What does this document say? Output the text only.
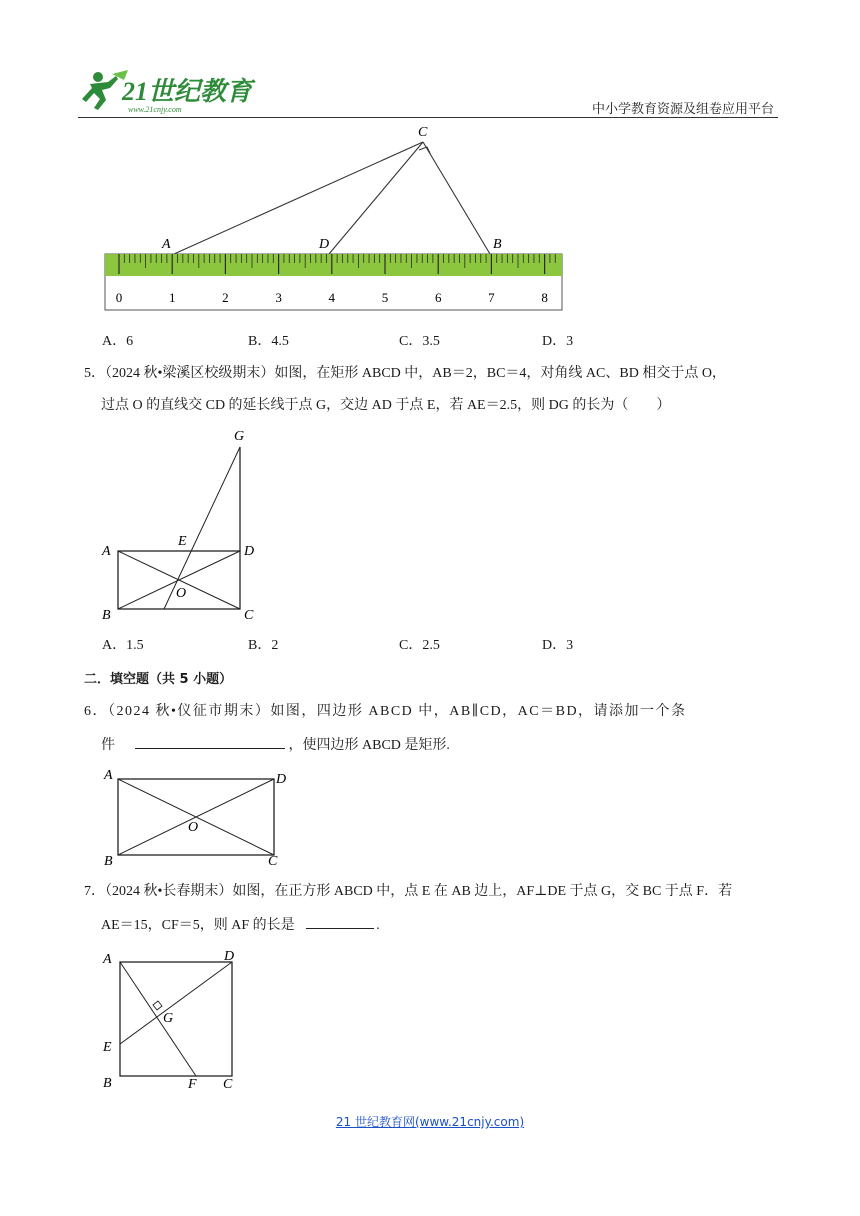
21世纪教育
www.21cnjy.com	中小学教育资源及组卷应用平台
C
A	D	B
0	1	2	3	4	5	6	7	8
A．6	B．4.5	C．3.5	D．3
5．（2024 秋•梁溪区校级期末）如图，在矩形 ABCD 中，AB＝2，BC＝4，对角线 AC、BD 相交于点 O，
过点 O 的直线交 CD 的延长线于点 G，交边 AD 于点 E，若 AE＝2.5，则 DG 的长为（　　）
G
E
A	D
O
B	C
A．1.5	B．2	C．2.5	D．3
二．填空题（共 5 小题）
6．（2024 秋•仪征市期末）如图，四边形 ABCD 中，AB∥CD，AC＝BD，请添加一个条
件	，使四边形 ABCD 是矩形.
A	D
O
B	C
7．（2024 秋•长春期末）如图，在正方形 ABCD 中，点 E 在 AB 边上，AF⊥DE 于点 G，交 BC 于点 F．若
AE＝15，CF＝5，则 AF 的长是	.
A	D
G
E
B	F C
21 世纪教育网(www.21cnjy.com)
